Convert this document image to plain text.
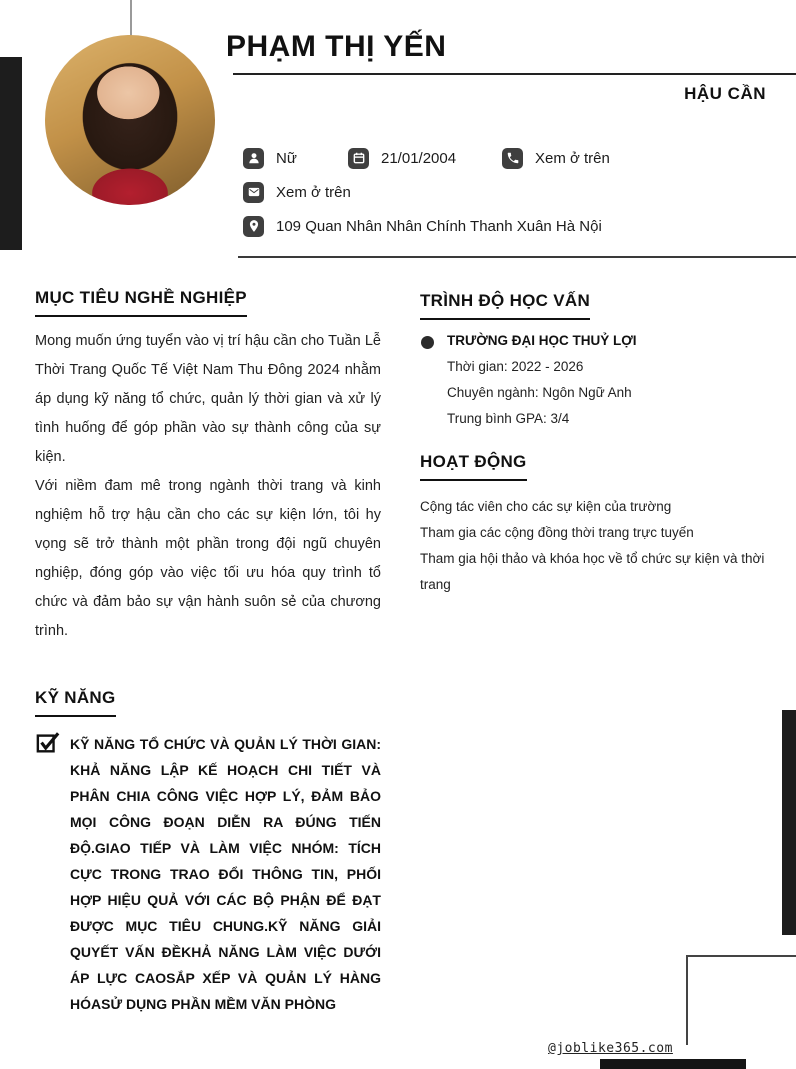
PHẠM THỊ YẾN
HẬU CẦN
Nữ	21/01/2004	Xem ở trên
Xem ở trên
109 Quan Nhân Nhân Chính Thanh Xuân Hà Nội
MỤC TIÊU NGHỀ NGHIỆP
Mong muốn ứng tuyển vào vị trí hậu cần cho Tuần Lễ Thời Trang Quốc Tế Việt Nam Thu Đông 2024 nhằm áp dụng kỹ năng tổ chức, quản lý thời gian và xử lý tình huống để góp phần vào sự thành công của sự kiện.
Với niềm đam mê trong ngành thời trang và kinh nghiệm hỗ trợ hậu cần cho các sự kiện lớn, tôi hy vọng sẽ trở thành một phần trong đội ngũ chuyên nghiệp, đóng góp vào việc tối ưu hóa quy trình tổ chức và đảm bảo sự vận hành suôn sẻ của chương trình.
TRÌNH ĐỘ HỌC VẤN
TRƯỜNG ĐẠI HỌC THUỶ LỢI
Thời gian: 2022 - 2026
Chuyên ngành: Ngôn Ngữ Anh
Trung bình GPA: 3/4
HOẠT ĐỘNG
Cộng tác viên cho các sự kiện của trường
Tham gia các cộng đồng thời trang trực tuyến
Tham gia hội thảo và khóa học về tổ chức sự kiện và thời trang
KỸ NĂNG
KỸ NĂNG TỔ CHỨC VÀ QUẢN LÝ THỜI GIAN: KHẢ NĂNG LẬP KẾ HOẠCH CHI TIẾT VÀ PHÂN CHIA CÔNG VIỆC HỢP LÝ, ĐẢM BẢO MỌI CÔNG ĐOẠN DIỄN RA ĐÚNG TIẾN ĐỘ.GIAO TIẾP VÀ LÀM VIỆC NHÓM: TÍCH CỰC TRONG TRAO ĐỔI THÔNG TIN, PHỐI HỢP HIỆU QUẢ VỚI CÁC BỘ PHẬN ĐỂ ĐẠT ĐƯỢC MỤC TIÊU CHUNG.KỸ NĂNG GIẢI QUYẾT VẤN ĐỀKHẢ NĂNG LÀM VIỆC DƯỚI ÁP LỰC CAOSẮP XẾP VÀ QUẢN LÝ HÀNG HÓASỬ DỤNG PHẦN MỀM VĂN PHÒNG
@joblike365.com
